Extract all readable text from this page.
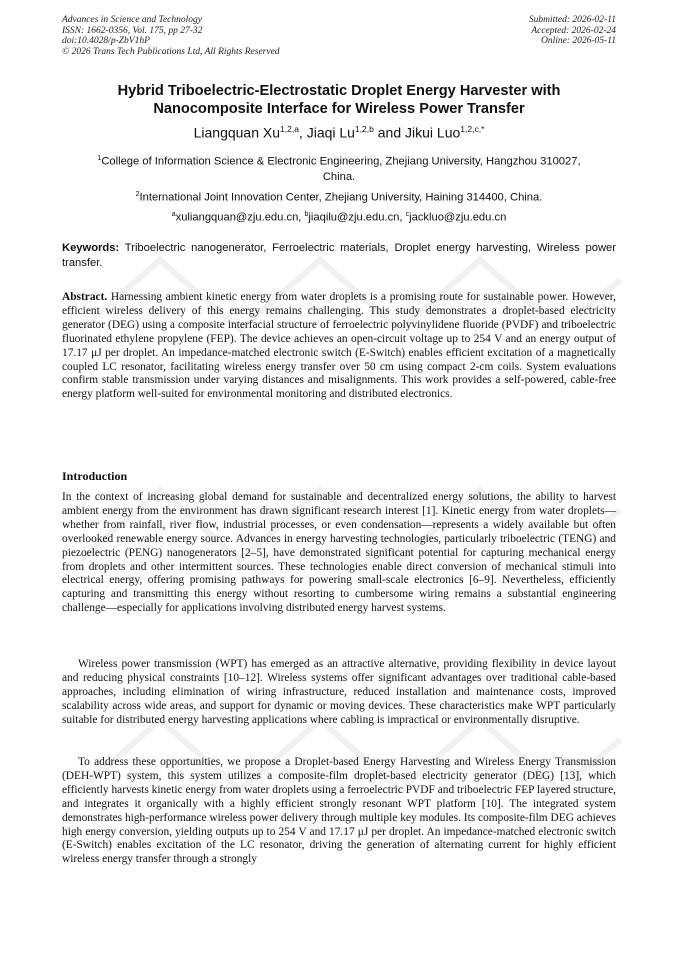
Advances in Science and Technology
ISSN: 1662-0356, Vol. 175, pp 27-32
doi:10.4028/p-ZbV1hP
© 2026 Trans Tech Publications Ltd, All Rights Reserved
Submitted: 2026-02-11
Accepted: 2026-02-24
Online: 2026-05-11
Hybrid Triboelectric-Electrostatic Droplet Energy Harvester with
Nanocomposite Interface for Wireless Power Transfer
Liangquan Xu$^{1,2,a}$, Jiaqi Lu$^{1,2,b}$ and Jikui Luo$^{1,2,c,*}$
$^1$College of Information Science & Electronic Engineering, Zhejiang University, Hangzhou 310027, China.
$^2$International Joint Innovation Center, Zhejiang University, Haining 314400, China.
$^a$xuliangquan@zju.edu.cn, $^b$jiaqilu@zju.edu.cn, $^c$jackluo@zju.edu.cn
Keywords: Triboelectric nanogenerator, Ferroelectric materials, Droplet energy harvesting, Wireless power transfer.

Abstract. Harnessing ambient kinetic energy from water droplets is a promising route for sustainable power. However, efficient wireless delivery of this energy remains challenging. This study demonstrates a droplet-based electricity generator (DEG) using a composite interfacial structure of ferroelectric polyvinylidene fluoride (PVDF) and triboelectric fluorinated ethylene propylene (FEP). The device achieves an open-circuit voltage up to 254 V and an energy output of 17.17 μJ per droplet. An impedance-matched electronic switch (E-Switch) enables efficient excitation of a magnetically coupled LC resonator, facilitating wireless energy transfer over 50 cm using compact 2-cm coils. System evaluations confirm stable transmission under varying distances and misalignments. This work provides a self-powered, cable-free energy platform well-suited for environmental monitoring and distributed electronics.

Introduction

In the context of increasing global demand for sustainable and decentralized energy solutions, the ability to harvest ambient energy from the environment has drawn significant research interest [1]. Kinetic energy from water droplets—whether from rainfall, river flow, industrial processes, or even condensation—represents a widely available but often overlooked renewable energy source. Advances in energy harvesting technologies, particularly triboelectric (TENG) and piezoelectric (PENG) nanogenerators [2–5], have demonstrated significant potential for capturing mechanical energy from droplets and other intermittent sources. These technologies enable direct conversion of mechanical stimuli into electrical energy, offering promising pathways for powering small-scale electronics [6–9]. Nevertheless, efficiently capturing and transmitting this energy without resorting to cumbersome wiring remains a substantial engineering challenge—especially for applications involving distributed energy harvest systems.

Wireless power transmission (WPT) has emerged as an attractive alternative, providing flexibility in device layout and reducing physical constraints [10–12]. Wireless systems offer significant advantages over traditional cable-based approaches, including elimination of wiring infrastructure, reduced installation and maintenance costs, improved scalability across wide areas, and support for dynamic or moving devices. These characteristics make WPT particularly suitable for distributed energy harvesting applications where cabling is impractical or environmentally disruptive.

To address these opportunities, we propose a Droplet-based Energy Harvesting and Wireless Energy Transmission (DEH-WPT) system, this system utilizes a composite-film droplet-based electricity generator (DEG) [13], which efficiently harvests kinetic energy from water droplets using a ferroelectric PVDF and triboelectric FEP layered structure, and integrates it organically with a highly efficient strongly resonant WPT platform [10]. The integrated system demonstrates high-performance wireless power delivery through multiple key modules. Its composite-film DEG achieves high energy conversion, yielding outputs up to 254 V and 17.17 μJ per droplet. An impedance-matched electronic switch (E-Switch) enables excitation of the LC resonator, driving the generation of alternating current for highly efficient wireless energy transfer through a strongly
